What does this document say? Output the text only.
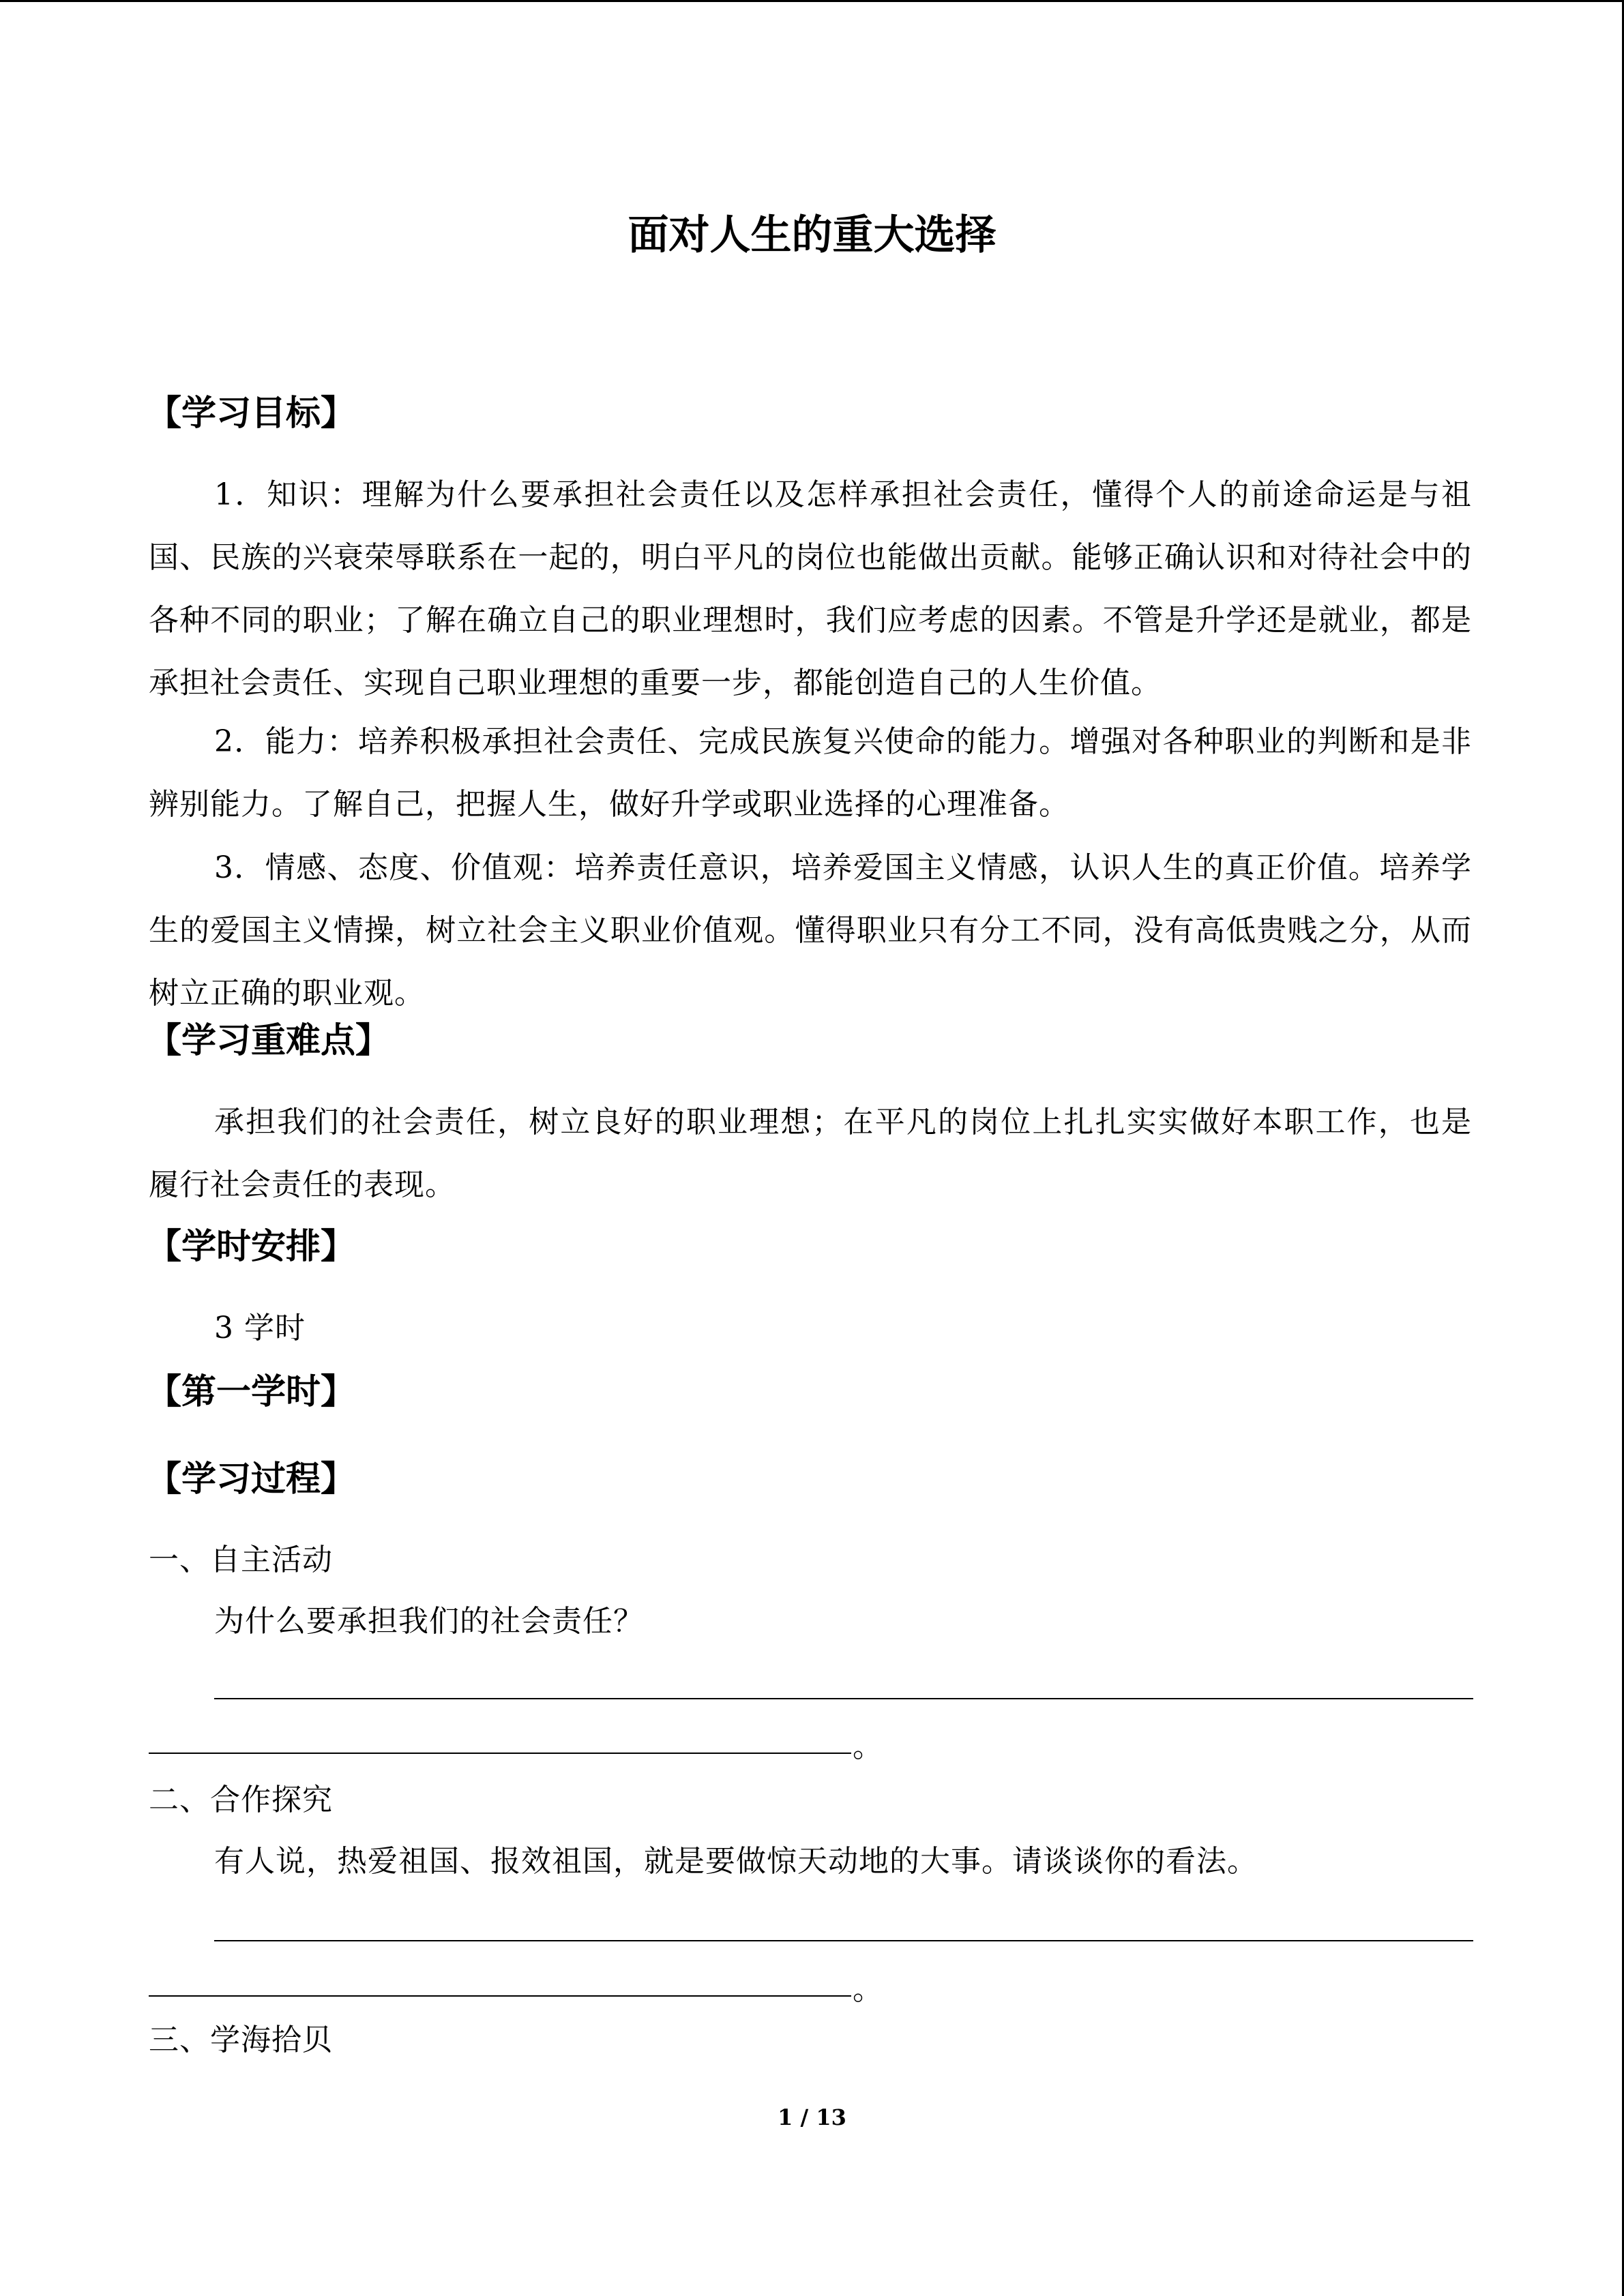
面对人生的重大选择
【学习目标】
1．知识：理解为什么要承担社会责任以及怎样承担社会责任，懂得个人的前途命运是与祖国、民族的兴衰荣辱联系在一起的，明白平凡的岗位也能做出贡献。能够正确认识和对待社会中的各种不同的职业；了解在确立自己的职业理想时，我们应考虑的因素。不管是升学还是就业，都是承担社会责任、实现自己职业理想的重要一步，都能创造自己的人生价值。
2．能力：培养积极承担社会责任、完成民族复兴使命的能力。增强对各种职业的判断和是非辨别能力。了解自己，把握人生，做好升学或职业选择的心理准备。
3．情感、态度、价值观：培养责任意识，培养爱国主义情感，认识人生的真正价值。培养学生的爱国主义情操，树立社会主义职业价值观。懂得职业只有分工不同，没有高低贵贱之分，从而树立正确的职业观。
【学习重难点】
承担我们的社会责任，树立良好的职业理想；在平凡的岗位上扎扎实实做好本职工作，也是履行社会责任的表现。
【学时安排】
3 学时
【第一学时】
【学习过程】
一、自主活动
为什么要承担我们的社会责任？
。
二、合作探究
有人说，热爱祖国、报效祖国，就是要做惊天动地的大事。请谈谈你的看法。
。
三、学海拾贝
1 / 13
